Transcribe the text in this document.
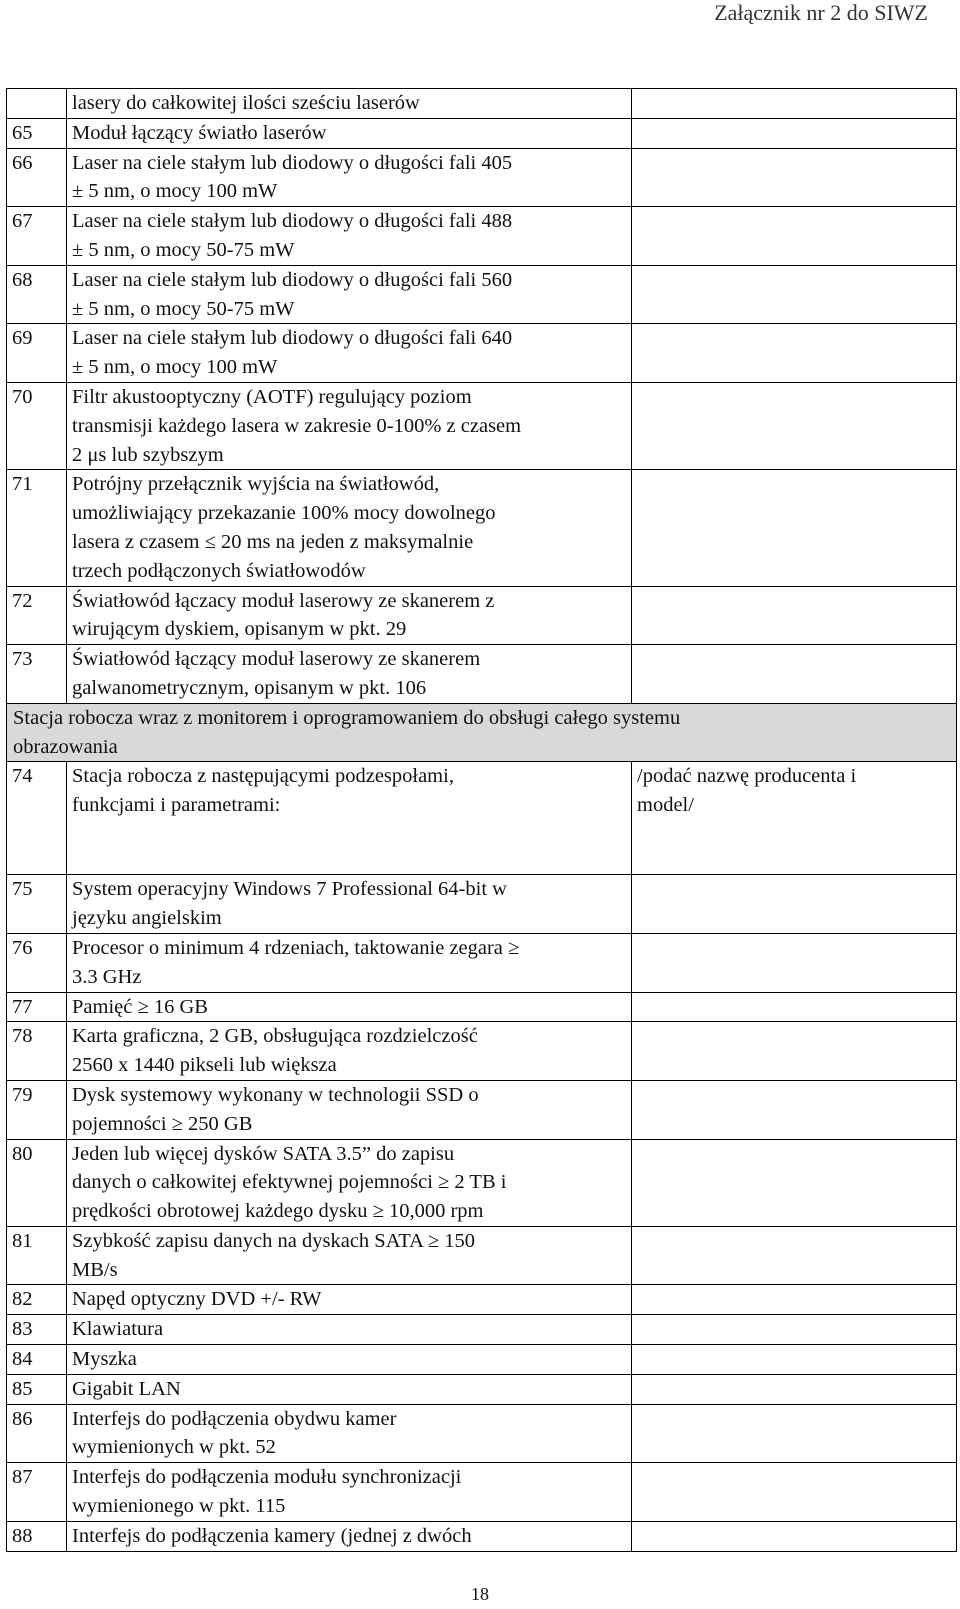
Załącznik nr 2 do SIWZ

	lasery do całkowitej ilości sześciu laserów	

65	Moduł łączący światło laserów	

66	Laser na ciele stałym lub diodowy o długości fali 405
± 5 nm, o mocy 100 mW	

67	Laser na ciele stałym lub diodowy o długości fali 488
± 5 nm, o mocy 50-75 mW	

68	Laser na ciele stałym lub diodowy o długości fali 560
± 5 nm, o mocy 50-75 mW	

69	Laser na ciele stałym lub diodowy o długości fali 640
± 5 nm, o mocy 100 mW	

70	Filtr akustooptyczny (AOTF) regulujący poziom
transmisji każdego lasera w zakresie 0-100% z czasem
2 μs lub szybszym	

71	Potrójny przełącznik wyjścia na światłowód,
umożliwiający przekazanie 100% mocy dowolnego
lasera z czasem ≤ 20 ms na jeden z maksymalnie
trzech podłączonych światłowodów	

72	Światłowód łączacy moduł laserowy ze skanerem z
wirującym dyskiem, opisanym w pkt. 29	

73	Światłowód łączący moduł laserowy ze skanerem
galwanometrycznym, opisanym w pkt. 106	

Stacja robocza wraz z monitorem i oprogramowaniem do obsługi całego systemu
obrazowania		

74	Stacja robocza z następującymi podzespołami,
funkcjami i parametrami:	/podać nazwę producenta i
model/

75	System operacyjny Windows 7 Professional 64-bit w
języku angielskim	

76	Procesor o minimum 4 rdzeniach, taktowanie zegara ≥
3.3 GHz	

77	Pamięć ≥ 16 GB	

78	Karta graficzna, 2 GB, obsługująca rozdzielczość
2560 x 1440 pikseli lub większa	

79	Dysk systemowy wykonany w technologii SSD o
pojemności ≥ 250 GB	

80	Jeden lub więcej dysków SATA 3.5” do zapisu
danych o całkowitej efektywnej pojemności ≥ 2 TB i
prędkości obrotowej każdego dysku ≥ 10,000 rpm	

81	Szybkość zapisu danych na dyskach SATA ≥ 150
MB/s	

82	Napęd optyczny DVD +/- RW	

83	Klawiatura	

84	Myszka	

85	Gigabit LAN	

86	Interfejs do podłączenia obydwu kamer
wymienionych w pkt. 52	

87	Interfejs do podłączenia modułu synchronizacji
wymienionego w pkt. 115	

88	Interfejs do podłączenia kamery (jednej z dwóch	

18
